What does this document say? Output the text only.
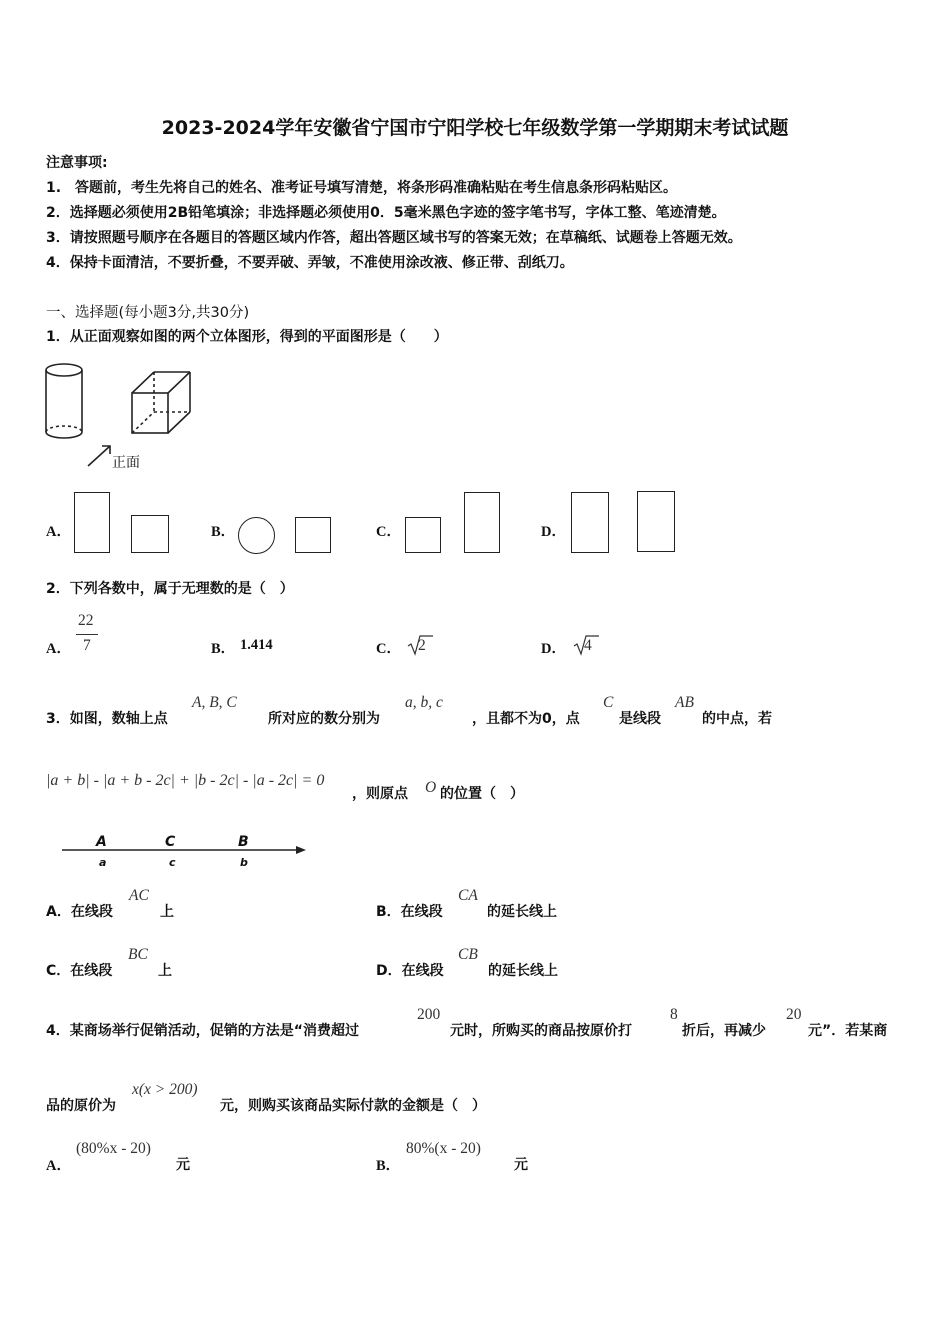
2023-2024学年安徽省宁国市宁阳学校七年级数学第一学期期末考试试题
注意事项:
1.　答题前，考生先将自己的姓名、准考证号填写清楚，将条形码准确粘贴在考生信息条形码粘贴区。
2．选择题必须使用2B铅笔填涂；非选择题必须使用0．5毫米黑色字迹的签字笔书写，字体工整、笔迹清楚。
3．请按照题号顺序在各题目的答题区域内作答，超出答题区域书写的答案无效；在草稿纸、试题卷上答题无效。
4．保持卡面清洁，不要折叠，不要弄破、弄皱，不准使用涂改液、修正带、刮纸刀。
一、选择题(每小题3分,共30分)
1．从正面观察如图的两个立体图形，得到的平面图形是（　　）
正面
A．	B．	C．	D．
2．下列各数中，属于无理数的是（　）
A．
22
7	B． 1.414	C． 2	D． 4
3．如图，数轴上点
A, B, C
所对应的数分别为
a, b, c
，且都不为0，点
C
是线段
AB
的中点，若
|a + b| - |a + b - 2c| + |b - 2c| - |a - 2c| = 0
，则原点 O 的位置（　）
A	C	B
a	c	b
A．在线段
AC
上	B．在线段
CA
的延长线上
C．在线段
BC
上	D．在线段
CB
的延长线上
4．某商场举行促销活动，促销的方法是“消费超过
200
元时，所购买的商品按原价打
8
折后，再减少
20
元”．若某商
品的原价为
x(x > 200)
元，则购买该商品实际付款的金额是（　）
A．
(80%x - 20)
元	B．
80%(x - 20)
元
